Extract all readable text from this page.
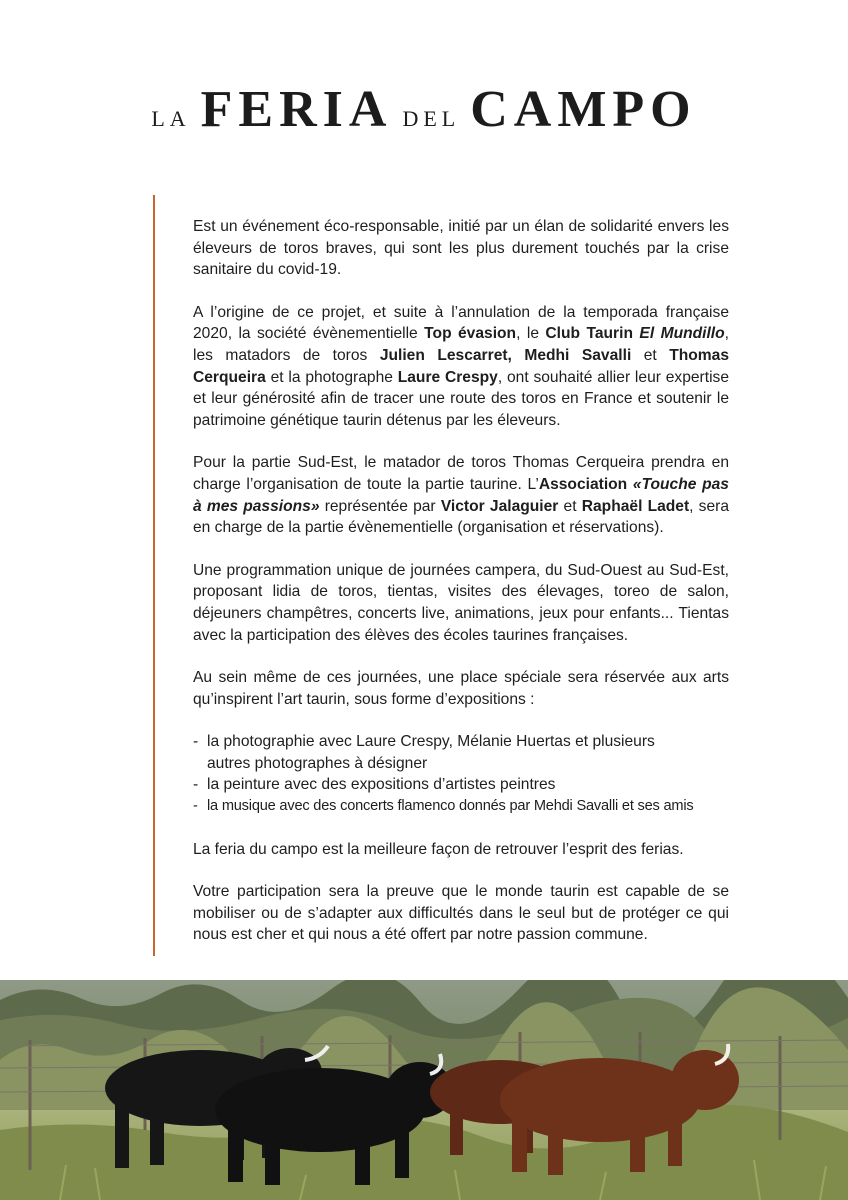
LA FERIA DEL CAMPO

Est un événement éco-responsable, initié par un élan de solidarité envers les éleveurs de toros braves, qui sont les plus durement touchés par la crise sanitaire du covid-19.

A l’origine de ce projet, et suite à l’annulation de la temporada française 2020, la société évènementielle Top évasion, le Club Taurin El Mundillo, les matadors de toros Julien Lescarret, Medhi Savalli et Thomas Cerqueira et la photographe Laure Crespy, ont souhaité allier leur expertise et leur générosité afin de tracer une route des toros en France et soutenir le patrimoine génétique taurin détenus par les éleveurs.

Pour la partie Sud-Est, le matador de toros Thomas Cerqueira prendra en charge l’organisation de toute la partie taurine. L’Association «Touche pas à mes passions» représentée par Victor Jalaguier et Raphaël Ladet, sera en charge de la partie évènementielle (organisation et réservations).

Une programmation unique de journées campera, du Sud-Ouest au Sud-Est, proposant lidia de toros, tientas, visites des élevages, toreo de salon, déjeuners champêtres, concerts live, animations, jeux pour enfants... Tientas avec la participation des élèves des écoles taurines françaises.

Au sein même de ces journées, une place spéciale sera réservée aux arts qu’inspirent l’art taurin, sous forme d’expositions :

- la photographie avec Laure Crespy, Mélanie Huertas et plusieurs
autres photographes à désigner
- la peinture avec des expositions d’artistes peintres
- la musique avec des concerts flamenco donnés par Mehdi Savalli et ses amis

La feria du campo est la meilleure façon de retrouver l’esprit des ferias.

Votre participation sera la preuve que le monde taurin est capable de se mobiliser ou de s’adapter aux difficultés dans le seul but de protéger ce qui nous est cher et qui nous a été offert par notre passion commune.
